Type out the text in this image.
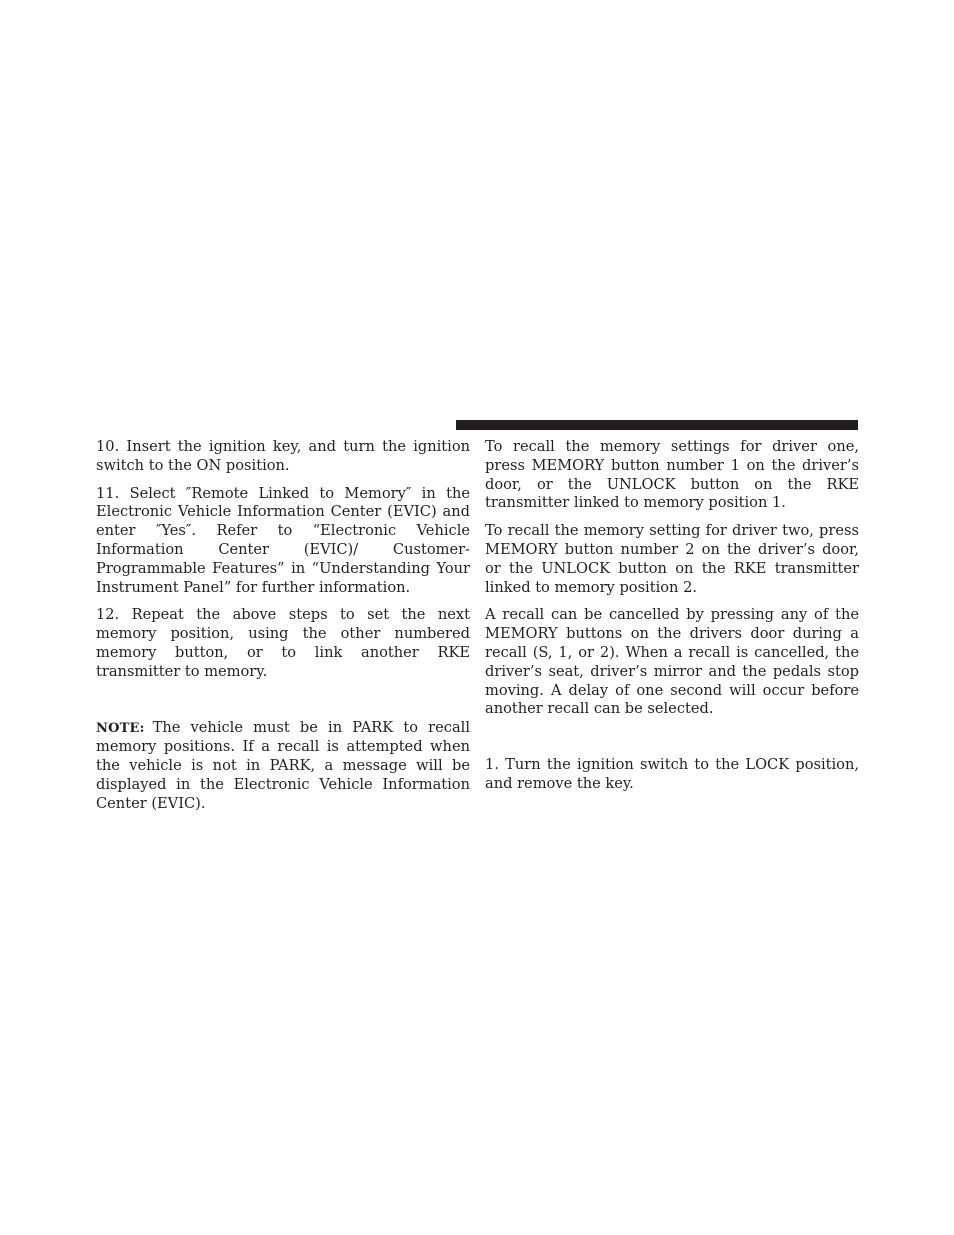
10. Insert the ignition key, and turn the ignition switch to the ON position.

11. Select ″Remote Linked to Memory″ in the Electronic Vehicle Information Center (EVIC) and enter ″Yes″. Refer to “Electronic Vehicle Information Center (EVIC)/ Customer-Programmable Features” in “Understanding Your Instrument Panel” for further information.

12. Repeat the above steps to set the next memory position, using the other numbered memory button, or to link another RKE transmitter to memory.

NOTE: The vehicle must be in PARK to recall memory positions. If a recall is attempted when the vehicle is not in PARK, a message will be displayed in the Electronic Vehicle Information Center (EVIC).

To recall the memory settings for driver one, press MEMORY button number 1 on the driver’s door, or the UNLOCK button on the RKE transmitter linked to memory position 1.

To recall the memory setting for driver two, press MEMORY button number 2 on the driver’s door, or the UNLOCK button on the RKE transmitter linked to memory position 2.

A recall can be cancelled by pressing any of the MEMORY buttons on the drivers door during a recall (S, 1, or 2). When a recall is cancelled, the driver’s seat, driver’s mirror and the pedals stop moving. A delay of one second will occur before another recall can be selected.

1. Turn the ignition switch to the LOCK position, and remove the key.
